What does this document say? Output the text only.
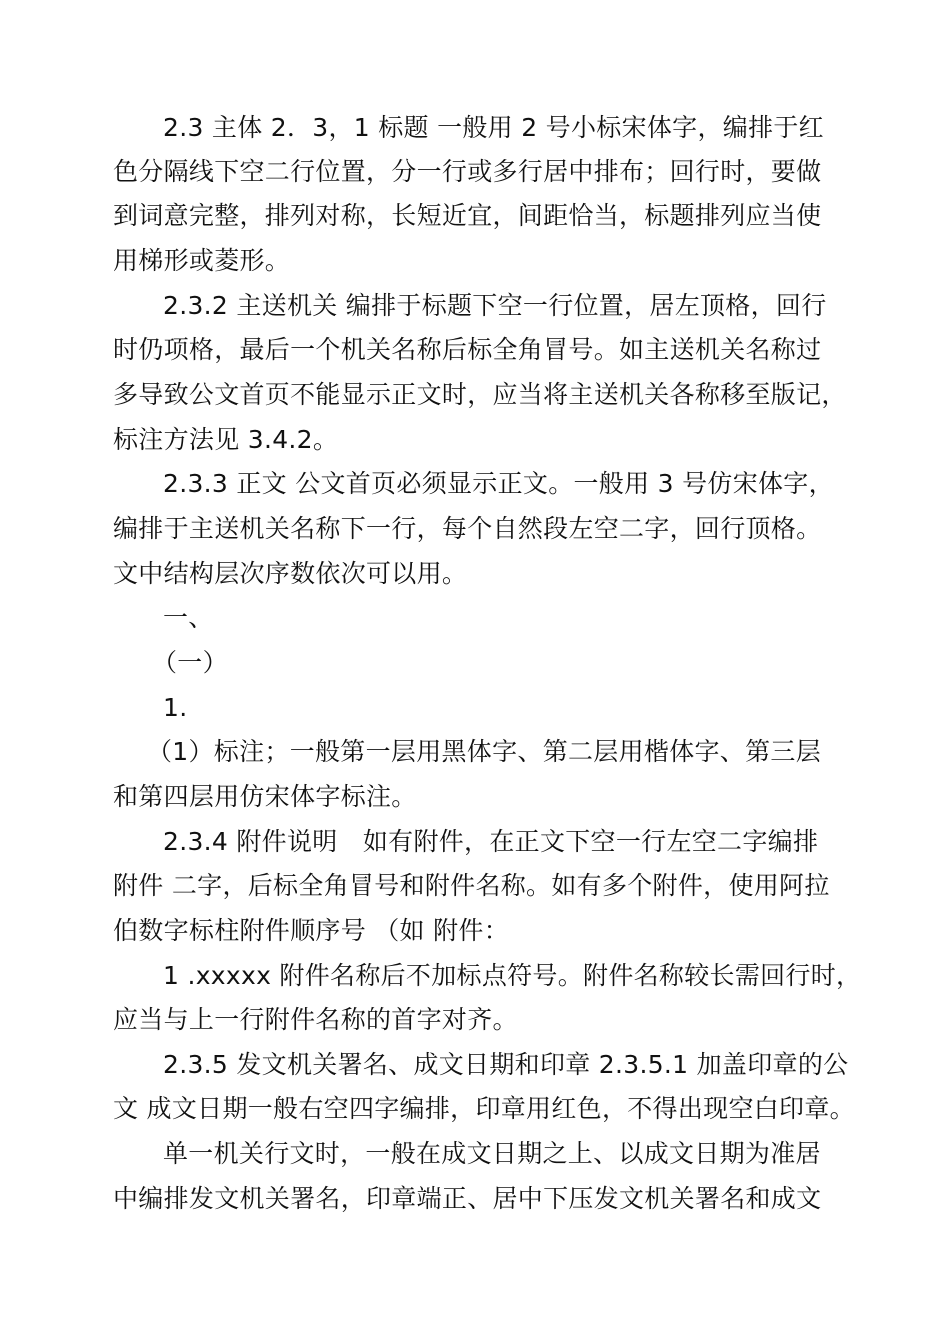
2.3 主体 2．3，1 标题 一般用 2 号小标宋体字，编排于红
色分隔线下空二行位置，分一行或多行居中排布；回行时，要做
到词意完整，排列对称，长短近宜，间距恰当，标题排列应当使
用梯形或菱形。
2.3.2 主送机关 编排于标题下空一行位置，居左顶格，回行
时仍项格，最后一个机关名称后标全角冒号。如主送机关名称过
多导致公文首页不能显示正文时，应当将主送机关各称移至版记，
标注方法见 3.4.2。
2.3.3 正文 公文首页必须显示正文。一般用 3 号仿宋体字，
编排于主送机关名称下一行，每个自然段左空二字，回行顶格。
文中结构层次序数依次可以用。
一、
（一）
1.
（1）标注；一般第一层用黑体字、第二层用楷体字、第三层
和第四层用仿宋体字标注。
2.3.4 附件说明　如有附件，在正文下空一行左空二字编排
附件 二字，后标全角冒号和附件名称。如有多个附件，使用阿拉
伯数字标柱附件顺序号 （如 附件：
1 .xxxxx 附件名称后不加标点符号。附件名称较长需回行时，
应当与上一行附件名称的首字对齐。
2.3.5 发文机关署名、成文日期和印章 2.3.5.1 加盖印章的公
文 成文日期一般右空四字编排，印章用红色，不得出现空白印章。
单一机关行文时，一般在成文日期之上、以成文日期为准居
中编排发文机关署名，印章端正、居中下压发文机关署名和成文
